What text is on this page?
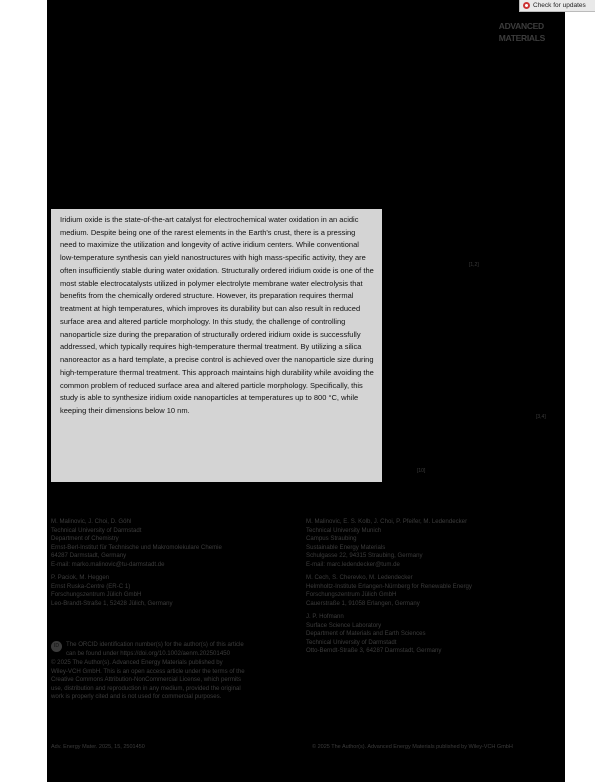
Check for updates
ADVANCED
MATERIALS
Iridium oxide is the state-of-the-art catalyst for electrochemical water oxidation in an acidic medium. Despite being one of the rarest elements in the Earth's crust, there is a pressing need to maximize the utilization and longevity of active iridium centers. While conventional low-temperature synthesis can yield nanostructures with high mass-specific activity, they are often insufficiently stable during water oxidation. Structurally ordered iridium oxide is one of the most stable electrocatalysts utilized in polymer electrolyte membrane water electrolysis that benefits from the chemically ordered structure. However, its preparation requires thermal treatment at high temperatures, which improves its durability but can also result in reduced surface area and altered particle morphology. In this study, the challenge of controlling nanoparticle size during the preparation of structurally ordered iridium oxide is successfully addressed, which typically requires high-temperature thermal treatment. By utilizing a silica nanoreactor as a hard template, a precise control is achieved over the nanoparticle size during high-temperature thermal treatment. This approach maintains high durability while avoiding the common problem of reduced surface area and altered particle morphology. Specifically, this study is able to synthesize iridium oxide nanoparticles at temperatures up to 800 °C, while keeping their dimensions below 10 nm.
[1,2]
[3,4]
[10]

M. Malinovic, J. Choi, D. Göhl

Technical University of Darmstadt

Department of Chemistry

Ernst-Berl-Institut für Technische und Makromolekulare Chemie

64287 Darmstadt, Germany

E-mail: marko.malinovic@tu-darmstadt.de

P. Paciok, M. Heggen

Ernst Ruska-Centre (ER-C 1)

Forschungszentrum Jülich GmbH

Leo-Brandt-Straße 1, 52428 Jülich, Germany

M. Malinovic, E. S. Kolb, J. Choi, P. Pfeifer, M. Ledendecker

Technical University Munich

Campus Straubing

Sustainable Energy Materials

Schulgasse 22, 94315 Straubing, Germany

E-mail: marc.ledendecker@tum.de

M. Cech, S. Cherevko, M. Ledendecker

Helmholtz-Institute Erlangen-Nürnberg for Renewable Energy

Forschungszentrum Jülich GmbH

Cauerstraße 1, 91058 Erlangen, Germany

J. P. Hofmann

Surface Science Laboratory

Department of Materials and Earth Sciences

Technical University of Darmstadt

Otto-Berndt-Straße 3, 64287 Darmstadt, Germany

ID	The ORCID identification number(s) for the author(s) of this article

can be found under https://doi.org/10.1002/aenm.202501450

© 2025 The Author(s). Advanced Energy Materials published by

Wiley-VCH GmbH. This is an open access article under the terms of the

Creative Commons Attribution-NonCommercial License, which permits

use, distribution and reproduction in any medium, provided the original

work is properly cited and is not used for commercial purposes.

Adv. Energy Mater. 2025, 15, 2501450	© 2025 The Author(s). Advanced Energy Materials published by Wiley-VCH GmbH
